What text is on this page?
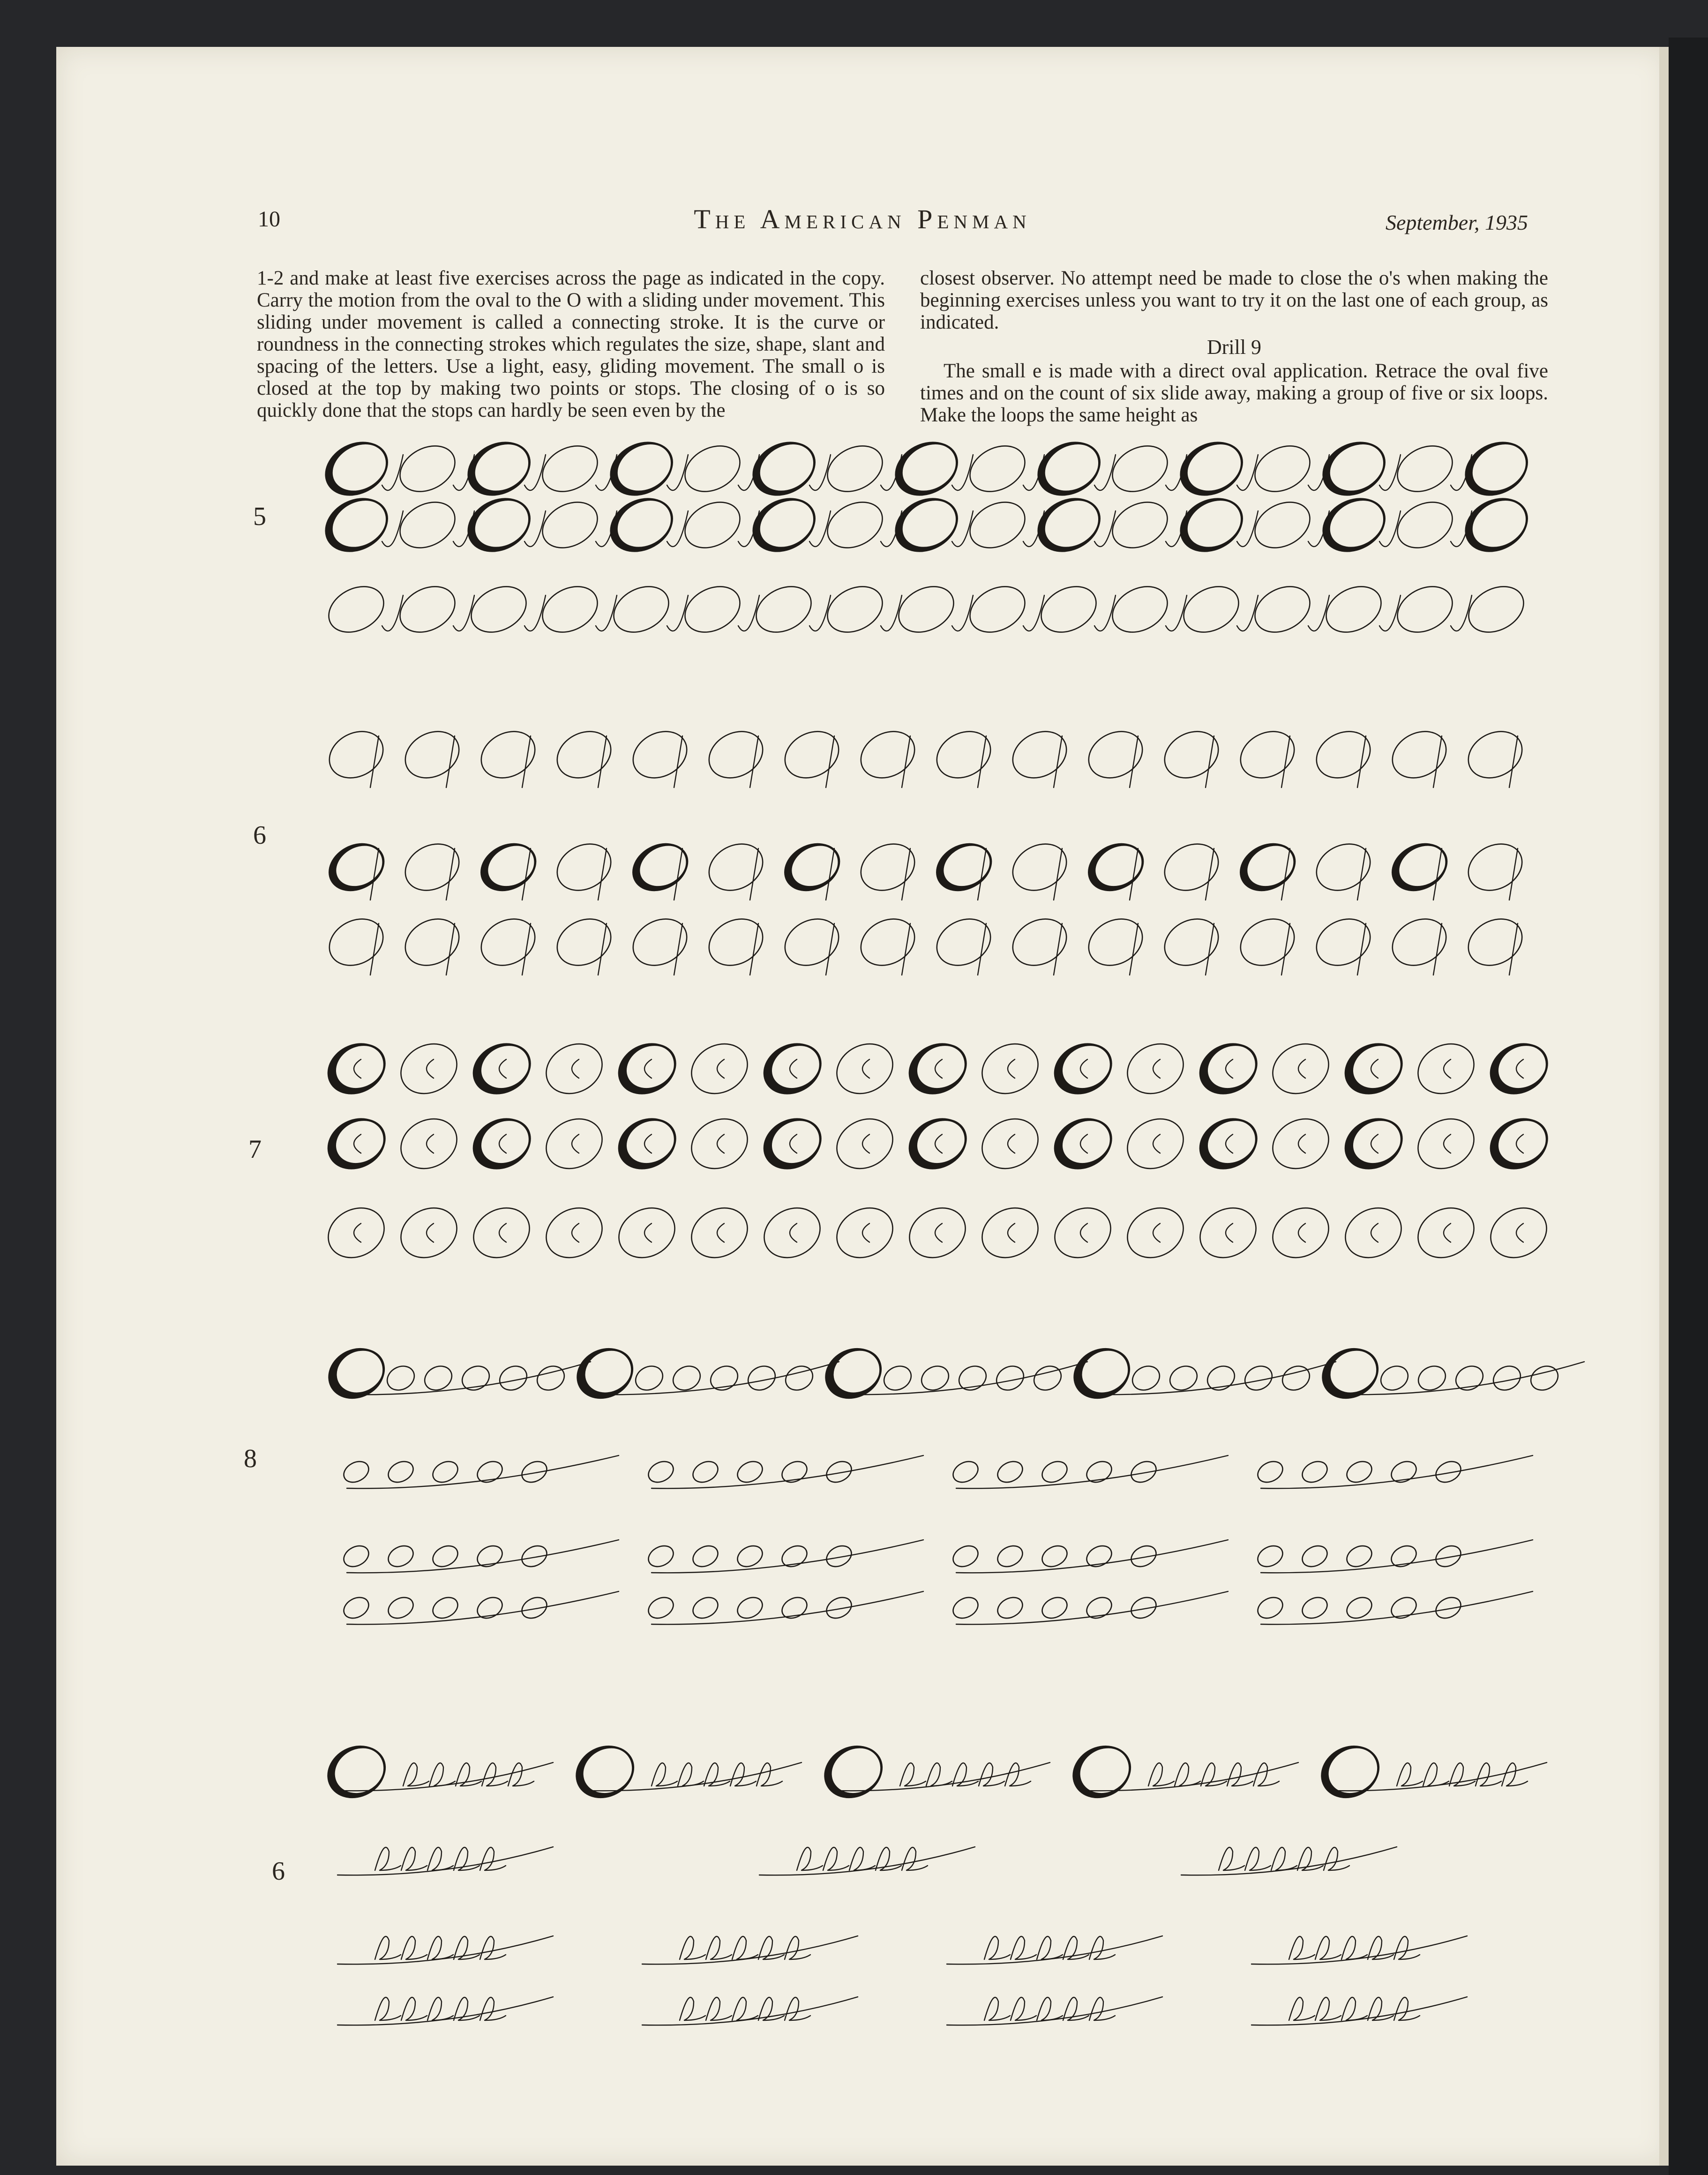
10	The American Penman	September, 1935

1-2 and make at least five exercises across the page as indicated in the copy. Carry the motion from the oval to the O with a sliding under movement. This sliding under movement is called a connecting stroke. It is the curve or roundness in the connecting strokes which regulates the size, shape, slant and spacing of the letters. Use a light, easy, gliding movement. The small o is closed at the top by making two points or stops. The closing of o is so quickly done that the stops can hardly be seen even by the

closest observer. No attempt need be made to close the o's when making the beginning exercises unless you want to try it on the last one of each group, as indicated.

Drill 9

The small e is made with a direct oval application. Retrace the oval five times and on the count of six slide away, making a group of five or six loops. Make the loops the same height as

5
6
7
8
6
